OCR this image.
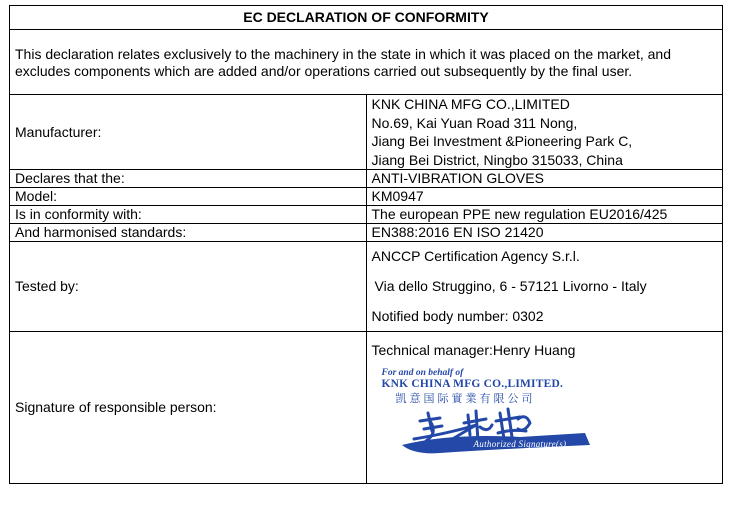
EC DECLARATION OF CONFORMITY	
This declaration relates exclusively to the machinery in the state in which it was placed on the market, and excludes components which are added and/or operations carried out subsequently by the final user.	
Manufacturer:	KNK CHINA MFG CO.,LIMITED
No.69, Kai Yuan Road 311 Nong,
Jiang Bei Investment &Pioneering Park C,
Jiang Bei District, Ningbo 315033, China

Declares that the:	ANTI-VIBRATION GLOVES
Model:	KM0947
Is in conformity with:	The european PPE new regulation EU2016/425
And harmonised standards:	EN388:2016 EN ISO 21420
Tested by:	ANCCP Certification Agency S.r.l.
Via dello Struggino, 6 - 57121 Livorno - Italy
Notified body number: 0302

Signature of responsible person:	Technical manager:Henry Huang
For and on behalf of
KNK CHINA MFG CO.,LIMITED.
凯意国际實業有限公司
Authorized Signature(s)
